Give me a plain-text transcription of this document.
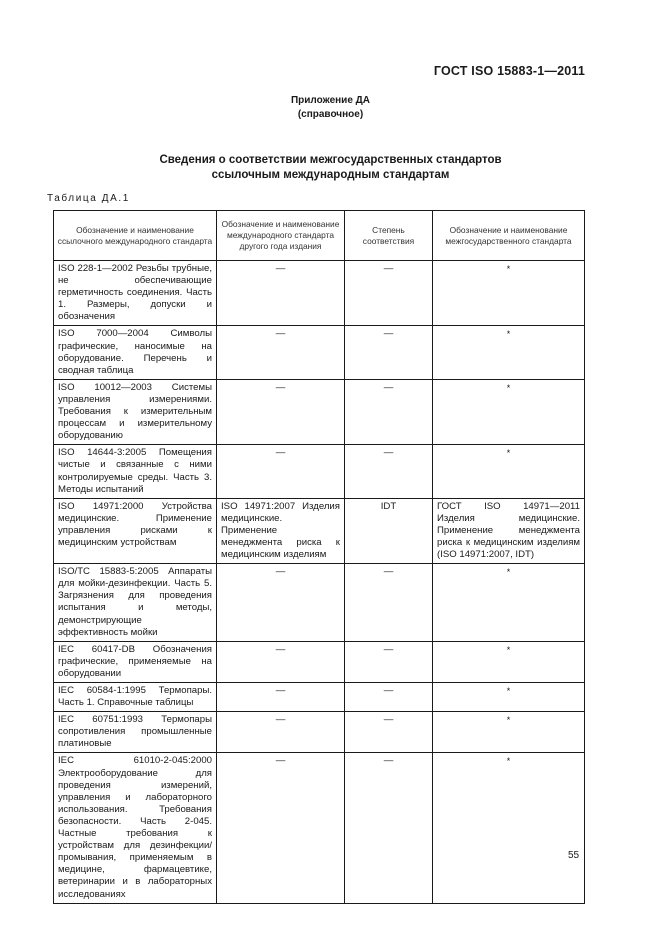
ГОСТ ISO 15883-1—2011
Приложение ДА
(справочное)
Сведения о соответствии межгосударственных стандартов
ссылочным международным стандартам
Таблица ДА.1
Обозначение и наименование ссылочного международного стандарта	Обозначение и наименование международного стандарта другого года издания	Степень соответствия	Обозначение и наименование межгосударственного стандарта
ISO 228-1—2002 Резьбы трубные, не обеспечивающие герметичность соединения. Часть 1. Размеры, допуски и обозначения	—	—	*
ISO 7000—2004 Символы графические, наносимые на оборудование. Перечень и сводная таблица	—	—	*
ISO 10012—2003 Системы управления измерениями. Требования к измерительным процессам и измерительному оборудованию	—	—	*
ISO 14644-3:2005 Помещения чистые и связанные с ними контролируемые среды. Часть 3. Методы испытаний	—	—	*
ISO 14971:2000 Устройства медицинские. Применение управления рисками к медицинским устройствам	ISO 14971:2007 Изделия медицинские. Применение менеджмента риска к медицинским изделиям	IDT	ГОСТ ISO 14971—2011 Изделия медицинские. Применение менеджмента риска к медицинским изделиям (ISO 14971:2007, IDT)
ISO/TC 15883-5:2005 Аппараты для мойки-дезинфекции. Часть 5. Загрязнения для проведения испытания и методы, демонстрирующие эффективность мойки	—	—	*
IEC 60417-DB Обозначения графические, применяемые на оборудовании	—	—	*
IEC 60584-1:1995 Термопары. Часть 1. Справочные таблицы	—	—	*
IEC 60751:1993 Термопары сопротивления промышленные платиновые	—	—	*
IEC 61010-2-045:2000 Электрооборудование для проведения измерений, управления и лабораторного использования. Требования безопасности. Часть 2-045. Частные требования к устройствам для дезинфекции/промывания, применяемым в медицине, фармацевтике, ветеринарии и в лабораторных исследованиях	—	—	*
55
